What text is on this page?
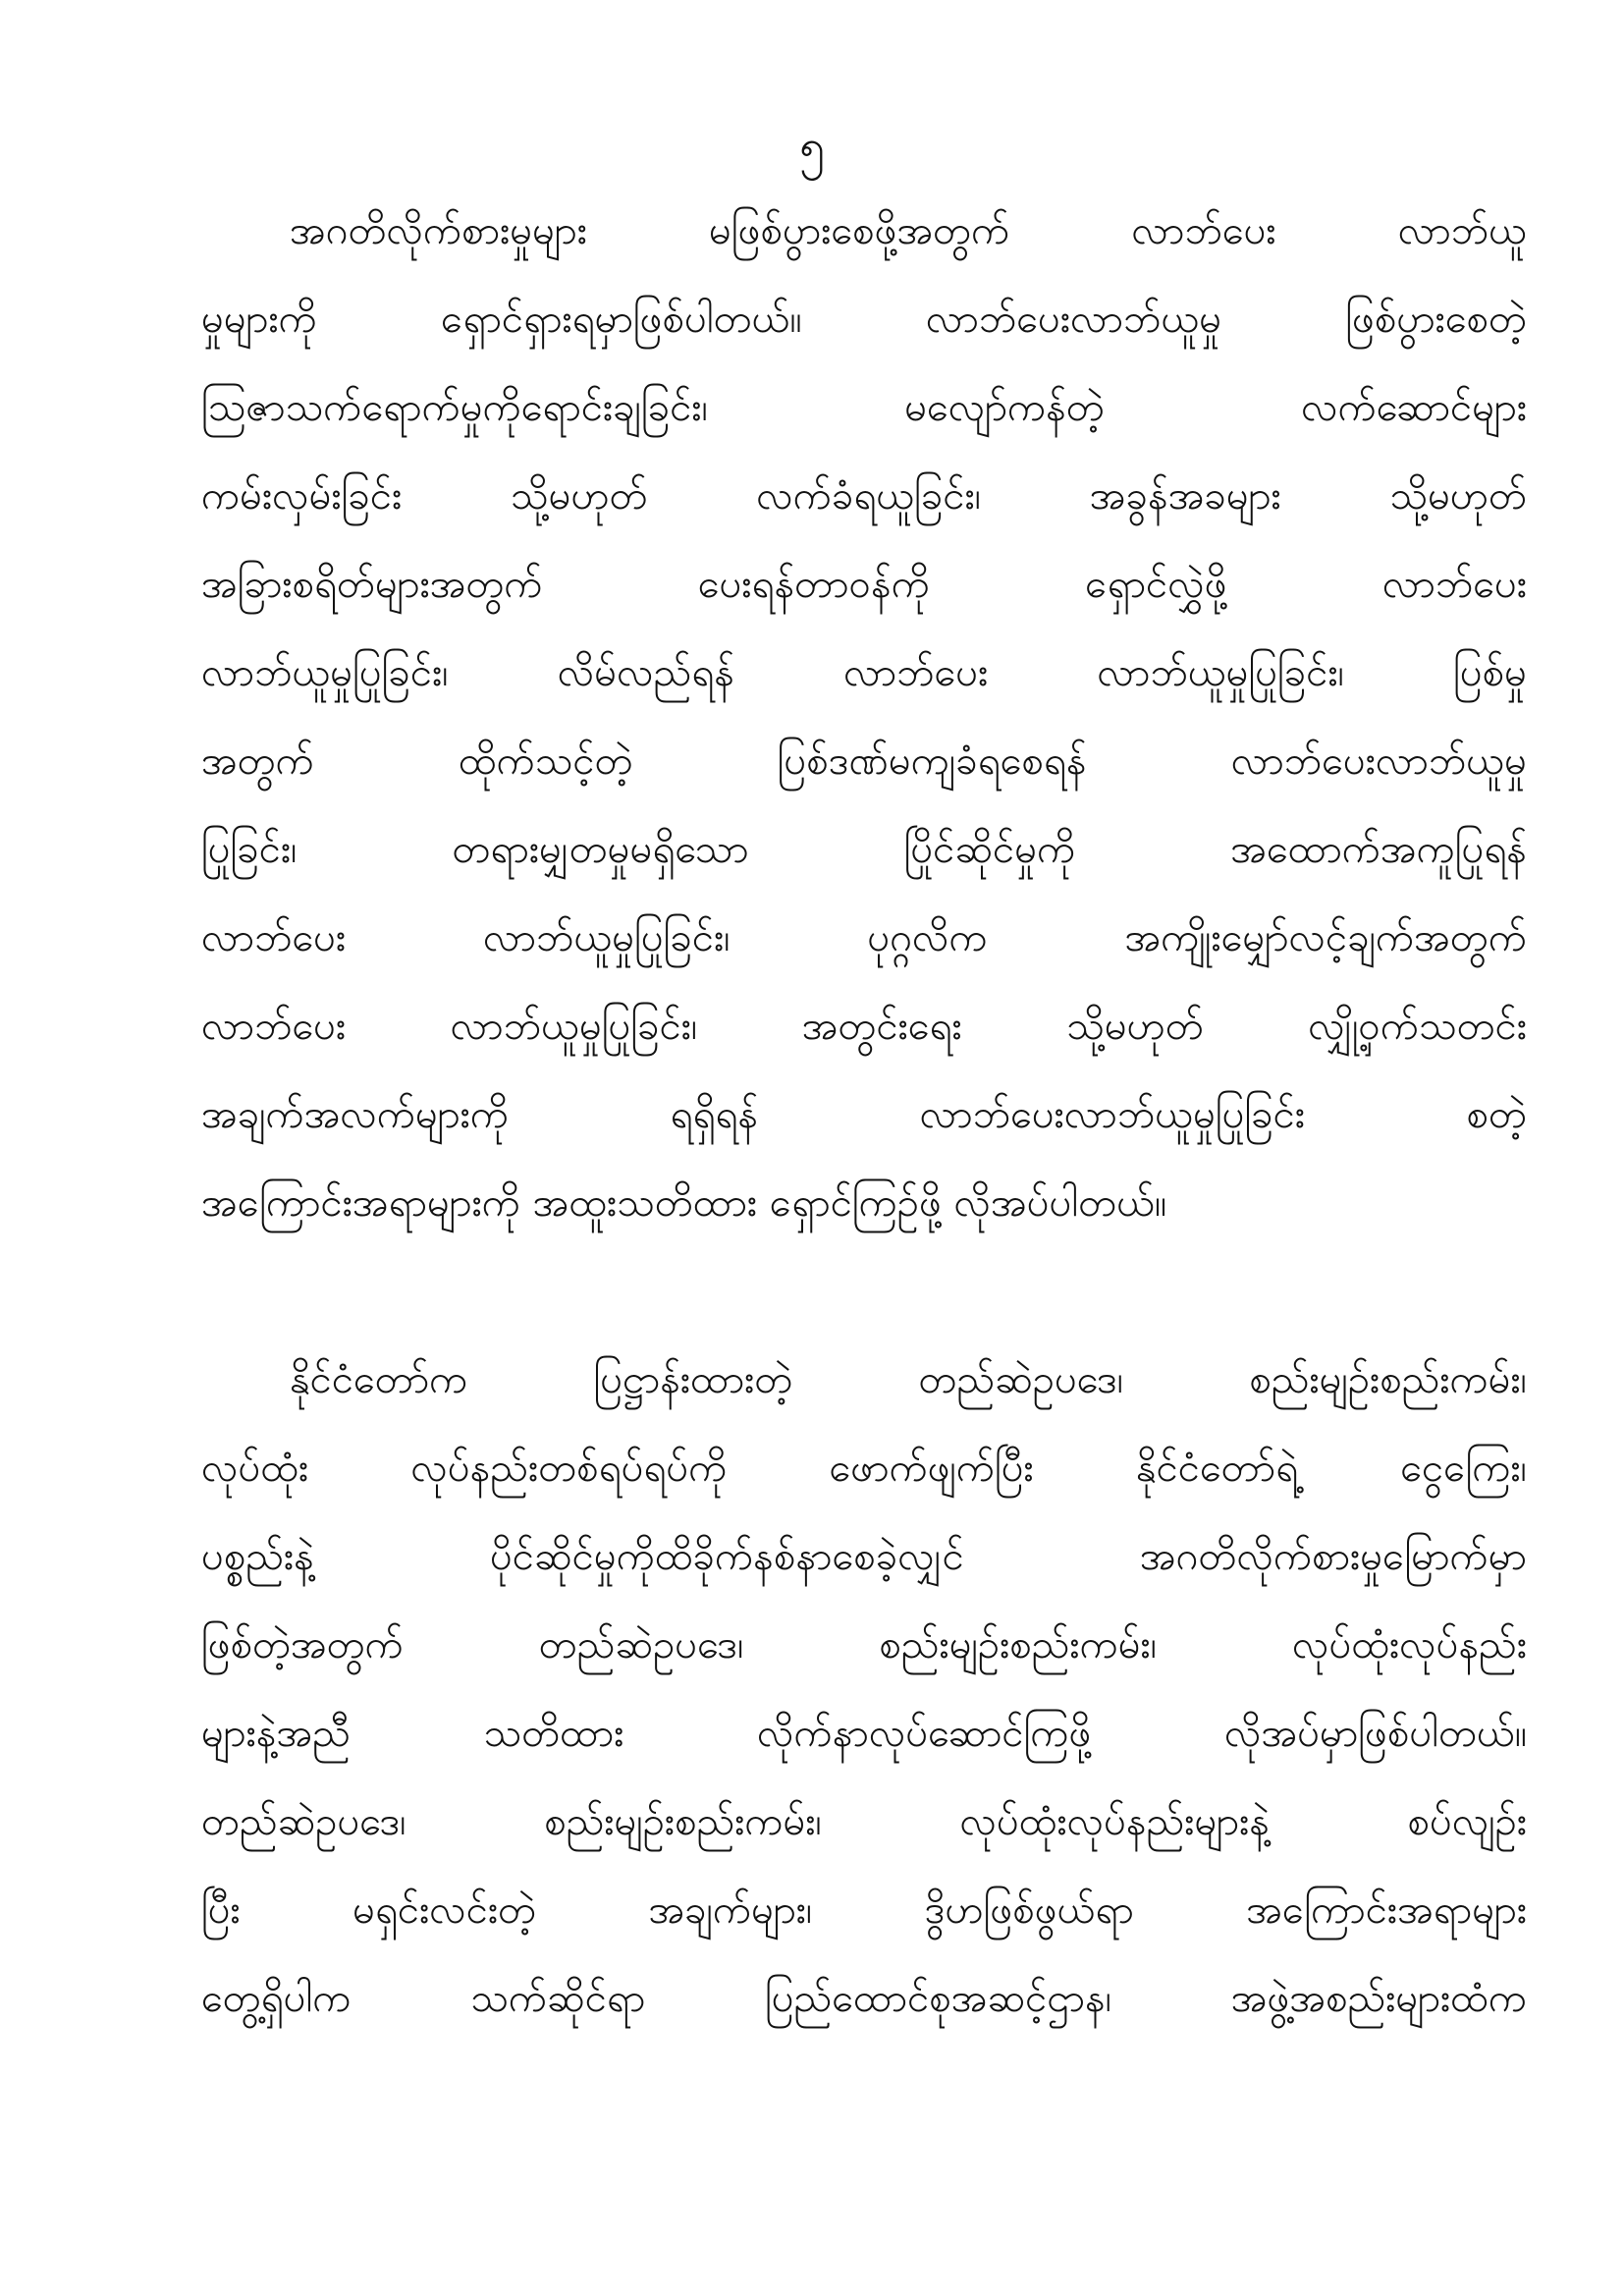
၅
အဂတိလိုက်စားမှုများ မဖြစ်ပွားစေဖို့အတွက် လာဘ်ပေး လာဘ်ယူ
မှုများကို ရှောင်ရှားရမှာဖြစ်ပါတယ်။ လာဘ်ပေးလာဘ်ယူမှု ဖြစ်ပွားစေတဲ့
သြဇာသက်ရောက်မှုကိုရောင်းချခြင်း၊ မလျော်ကန်တဲ့ လက်ဆောင်များ
ကမ်းလှမ်းခြင်း သို့မဟုတ် လက်ခံရယူခြင်း၊ အခွန်အခများ သို့မဟုတ်
အခြားစရိတ်များအတွက် ပေးရန်တာဝန်ကို ရှောင်လွှဲဖို့ လာဘ်ပေး
လာဘ်ယူမှုပြုခြင်း၊ လိမ်လည်ရန် လာဘ်ပေး လာဘ်ယူမှုပြုခြင်း၊ ပြစ်မှု
အတွက် ထိုက်သင့်တဲ့ ပြစ်ဒဏ်မကျခံရစေရန် လာဘ်ပေးလာဘ်ယူမှု
ပြုခြင်း၊ တရားမျှတမှုမရှိသော ပြိုင်ဆိုင်မှုကို အထောက်အကူပြုရန်
လာဘ်ပေး လာဘ်ယူမှုပြုခြင်း၊ ပုဂ္ဂလိက အကျိုးမျှော်လင့်ချက်အတွက်
လာဘ်ပေး လာဘ်ယူမှုပြုခြင်း၊ အတွင်းရေး သို့မဟုတ် လျှို့ဝှက်သတင်း
အချက်အလက်များကို ရရှိရန် လာဘ်ပေးလာဘ်ယူမှုပြုခြင်း စတဲ့
အကြောင်းအရာများကို အထူးသတိထား ရှောင်ကြဉ်ဖို့ လိုအပ်ပါတယ်။
နိုင်ငံတော်က ပြဋ္ဌာန်းထားတဲ့ တည်ဆဲဥပဒေ၊ စည်းမျဉ်းစည်းကမ်း၊
လုပ်ထုံး လုပ်နည်းတစ်ရပ်ရပ်ကို ဖောက်ဖျက်ပြီး နိုင်ငံတော်ရဲ့ ငွေကြေး၊
ပစ္စည်းနဲ့ ပိုင်ဆိုင်မှုကိုထိခိုက်နစ်နာစေခဲ့လျှင် အဂတိလိုက်စားမှုမြောက်မှာ
ဖြစ်တဲ့အတွက် တည်ဆဲဥပဒေ၊ စည်းမျဉ်းစည်းကမ်း၊ လုပ်ထုံးလုပ်နည်း
များနဲ့အညီ သတိထား လိုက်နာလုပ်ဆောင်ကြဖို့ လိုအပ်မှာဖြစ်ပါတယ်။
တည်ဆဲဥပဒေ၊ စည်းမျဉ်းစည်းကမ်း၊ လုပ်ထုံးလုပ်နည်းများနဲ့ စပ်လျဉ်း
ပြီး မရှင်းလင်းတဲ့ အချက်များ၊ ဒွိဟဖြစ်ဖွယ်ရာ အကြောင်းအရာများ
တွေ့ရှိပါက သက်ဆိုင်ရာ ပြည်ထောင်စုအဆင့်ဌာန၊ အဖွဲ့အစည်းများထံက
